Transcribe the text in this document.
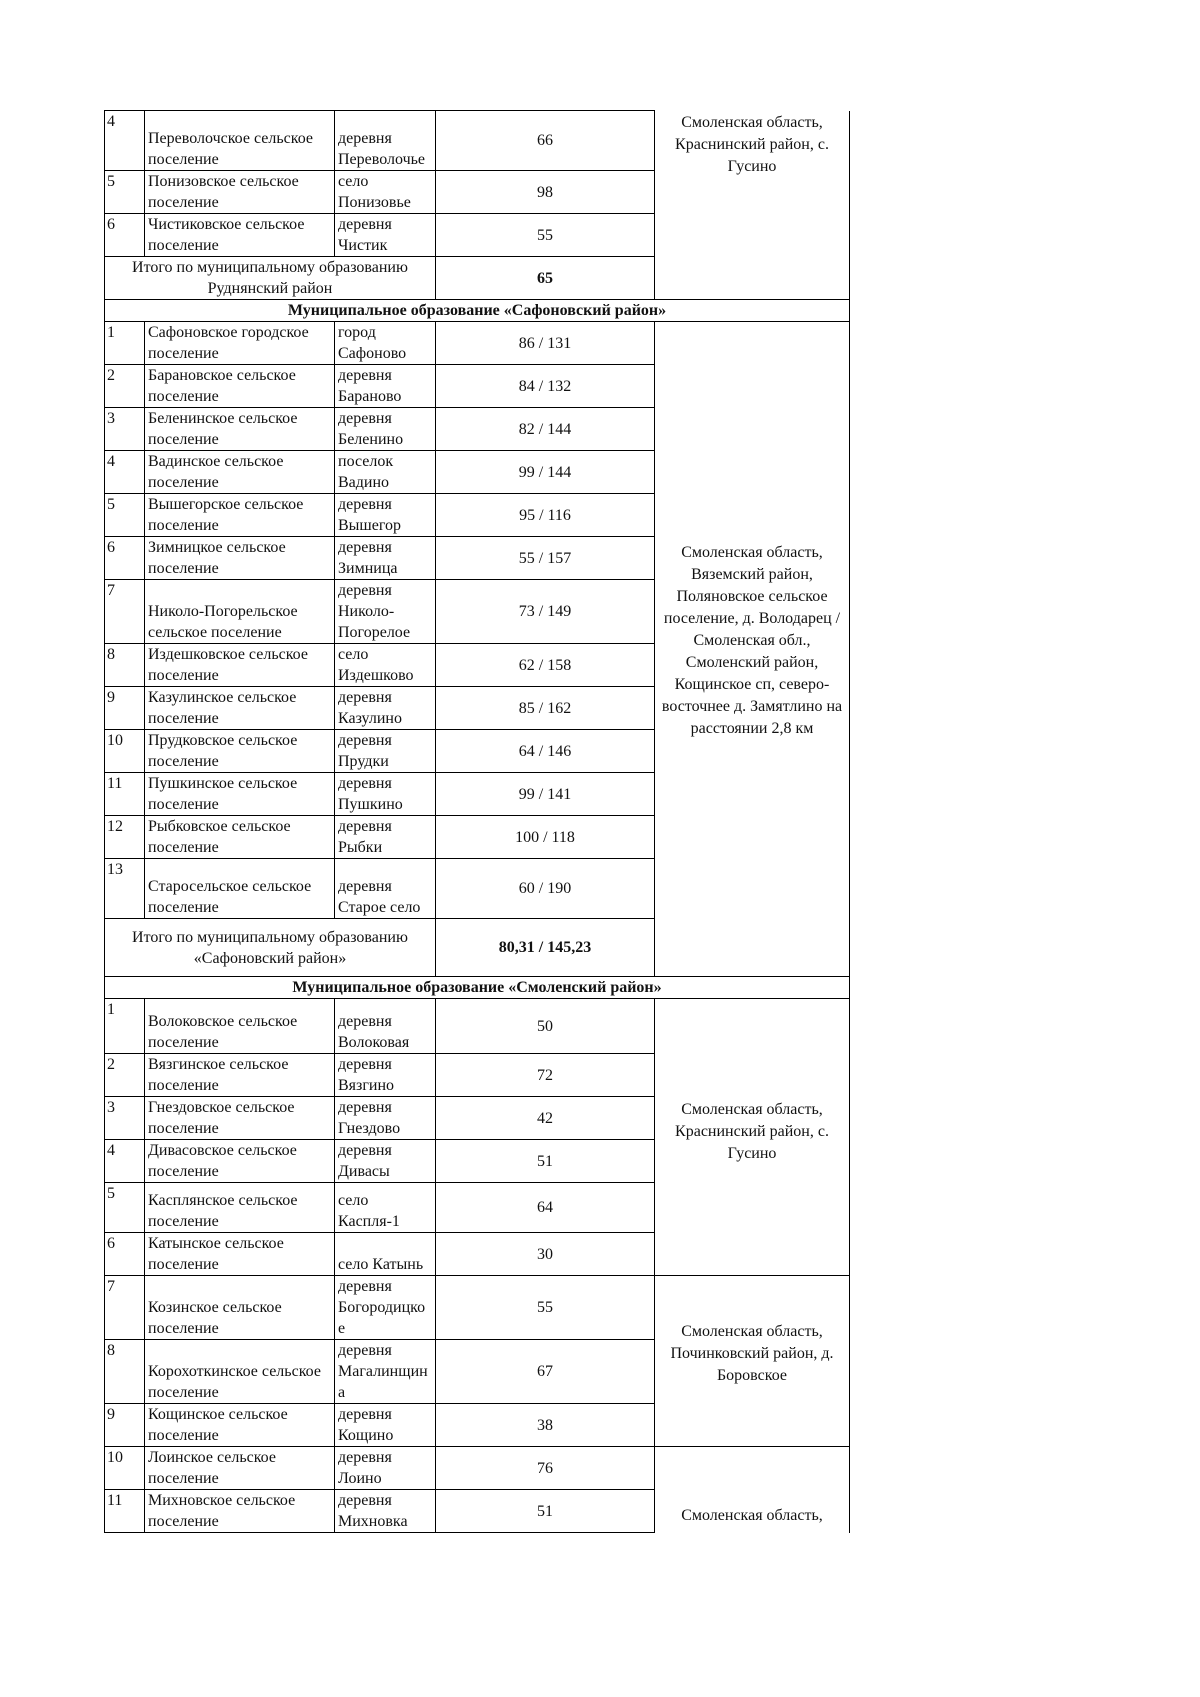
4	Переволочское сельское поселение	деревня Переволочье	66	Смоленская область, Краснинский район, с. Гусино
5	Понизовское сельское поселение	село Понизовье	98	
6	Чистиковское сельское поселение	деревня Чистик	55	
Итого по муниципальному образованию Руднянский район			65	
Муниципальное образование «Сафоновский район»				
1	Сафоновское городское поселение	город Сафоново	86 / 131	Смоленская область, Вяземский район, Поляновское сельское поселение, д. Володарец / Смоленская обл., Смоленский район, Кощинское сп, северо-восточнее д. Замятлино на расстоянии 2,8 км
2	Барановское сельское поселение	деревня Бараново	84 / 132	
3	Беленинское сельское поселение	деревня Беленино	82 / 144	
4	Вадинское сельское поселение	поселок Вадино	99 / 144	
5	Вышегорское сельское поселение	деревня Вышегор	95 / 116	
6	Зимницкое сельское поселение	деревня Зимница	55 / 157	
7	Николо-Погорельское сельское поселение	деревня Николо-Погорелое	73 / 149	
8	Издешковское сельское поселение	село Издешково	62 / 158	
9	Казулинское сельское поселение	деревня Казулино	85 / 162	
10	Прудковское сельское поселение	деревня Прудки	64 / 146	
11	Пушкинское сельское поселение	деревня Пушкино	99 / 141	
12	Рыбковское сельское поселение	деревня Рыбки	100 / 118	
13	Старосельское сельское поселение	деревня Старое село	60 / 190	
Итого по муниципальному образованию «Сафоновский район»			80,31 / 145,23	
Муниципальное образование «Смоленский район»				
1	Волоковское сельское поселение	деревня Волоковая	50	Смоленская область, Краснинский район, с. Гусино
2	Вязгинское сельское поселение	деревня Вязгино	72	
3	Гнездовское сельское поселение	деревня Гнездово	42	
4	Дивасовское сельское поселение	деревня Дивасы	51	
5	Касплянское сельское поселение	село Каспля-1	64	
6	Катынское сельское поселение	село Катынь	30	
7	Козинское сельское поселение	деревня Богородицкое	55	Смоленская область, Починковский район, д. Боровское
8	Корохоткинское сельское поселение	деревня Магалинщина	67	
9	Кощинское сельское поселение	деревня Кощино	38	
10	Лоинское сельское поселение	деревня Лоино	76	Смоленская область,
11	Михновское сельское поселение	деревня Михновка	51	
